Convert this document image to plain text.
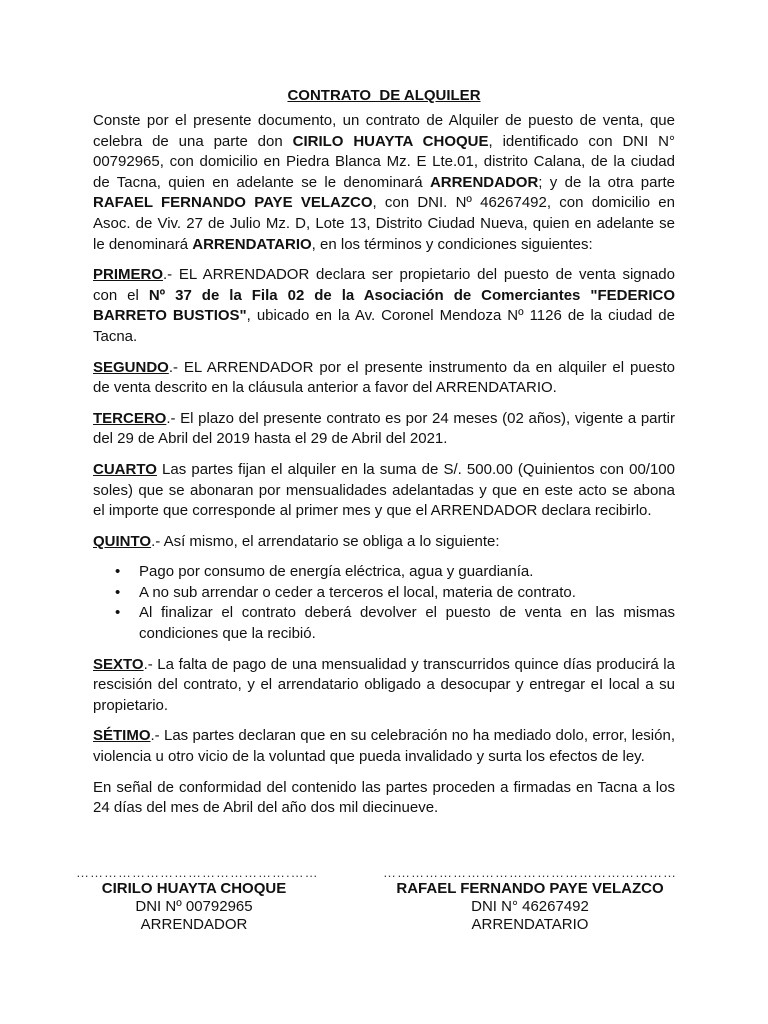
CONTRATO  DE ALQUILER

Conste por el presente documento, un contrato de Alquiler de puesto de venta, que celebra de una parte don CIRILO HUAYTA CHOQUE, identificado con DNI N° 00792965, con domicilio en Piedra Blanca Mz. E Lte.01, distrito Calana, de la ciudad de Tacna, quien en adelante se le denominará ARRENDADOR; y de la otra parte RAFAEL FERNANDO PAYE VELAZCO, con DNI. Nº 46267492, con domicilio en Asoc. de Viv. 27 de Julio Mz. D, Lote 13, Distrito Ciudad Nueva, quien en adelante se le denominará ARRENDATARIO, en los términos y condiciones siguientes:

PRIMERO.- EL ARRENDADOR declara ser propietario del puesto de venta signado con el Nº 37 de la Fila 02 de la Asociación de Comerciantes "FEDERICO BARRETO BUSTIOS", ubicado en la Av. Coronel Mendoza Nº 1126 de la ciudad de Tacna.

SEGUNDO.- EL ARRENDADOR por el presente instrumento da en alquiler el puesto de venta descrito en la cláusula anterior a favor del ARRENDATARIO.

TERCERO.- El plazo del presente contrato es por 24 meses (02 años), vigente a partir del 29 de Abril del 2019 hasta el 29 de Abril del 2021.

CUARTO Las partes fijan el alquiler en la suma de S/. 500.00 (Quinientos con 00/100 soles) que se abonaran por mensualidades adelantadas y que en este acto se abona el importe que corresponde al primer mes y que el ARRENDADOR declara recibirlo.

QUINTO.- Así mismo, el arrendatario se obliga a lo siguiente:

• Pago por consumo de energía eléctrica, agua y guardianía.
• A no sub arrendar o ceder a terceros el local, materia de contrato.
• Al finalizar el contrato deberá devolver el puesto de venta en las mismas condiciones que la recibió.

SEXTO.- La falta de pago de una mensualidad y transcurridos quince días producirá la rescisión del contrato, y el arrendatario obligado a desocupar y entregar eI local a su propietario.

SÉTIMO.- Las partes declaran que en su celebración no ha mediado dolo, error, lesión, violencia u otro vicio de la voluntad que pueda invalidado y surta los efectos de ley.

En señal de conformidad del contenido las partes proceden a firmadas en Tacna a los 24 días del mes de Abril del año dos mil diecinueve.

……………………………………….……
CIRILO HUAYTA CHOQUE
DNI Nº 00792965
ARRENDADOR
………………………………………………………
RAFAEL FERNANDO PAYE VELAZCO
DNI N° 46267492
ARRENDATARIO
